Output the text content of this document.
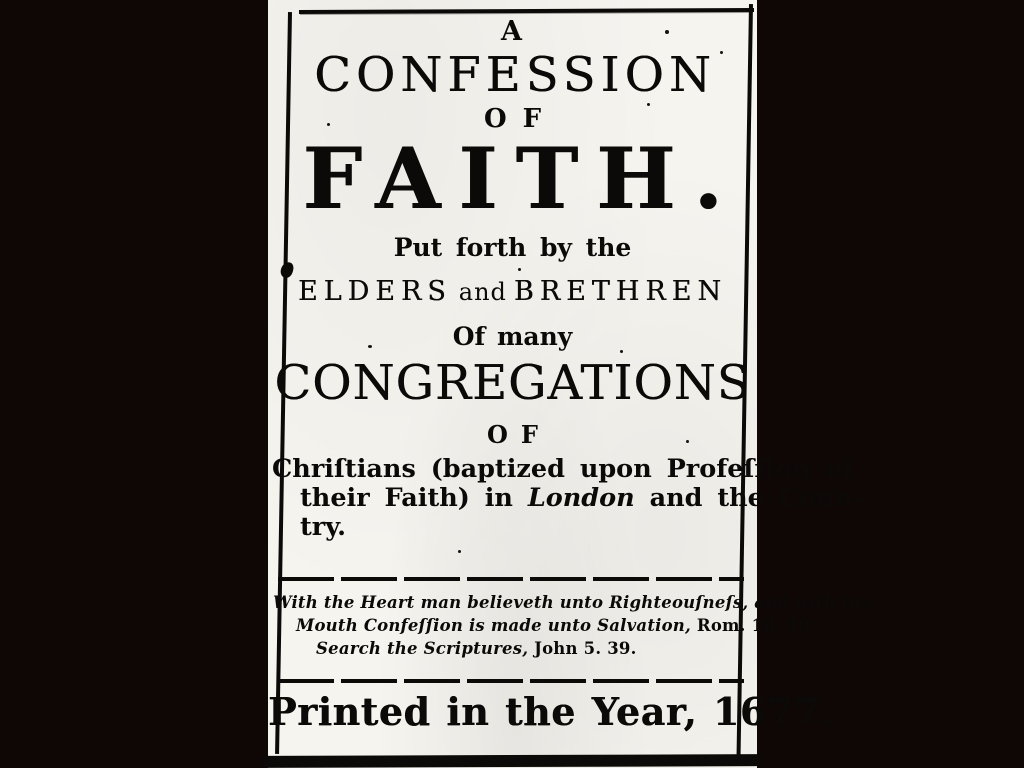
A
CONFESSION
OF
FAITH.
Put forth by the
ELDERS and BRETHREN
Of many
CONGREGATIONS
OF
Chriſtians (baptized upon Profeſſion of
their Faith) in London and the Coun-
try.
With the Heart man believeth unto Righteouſneſs, and with the
Mouth Confeſſion is made unto Salvation, Rom. 10. 10.
Search the Scriptures, John 5. 39.
Printed in the Year, 1677.
